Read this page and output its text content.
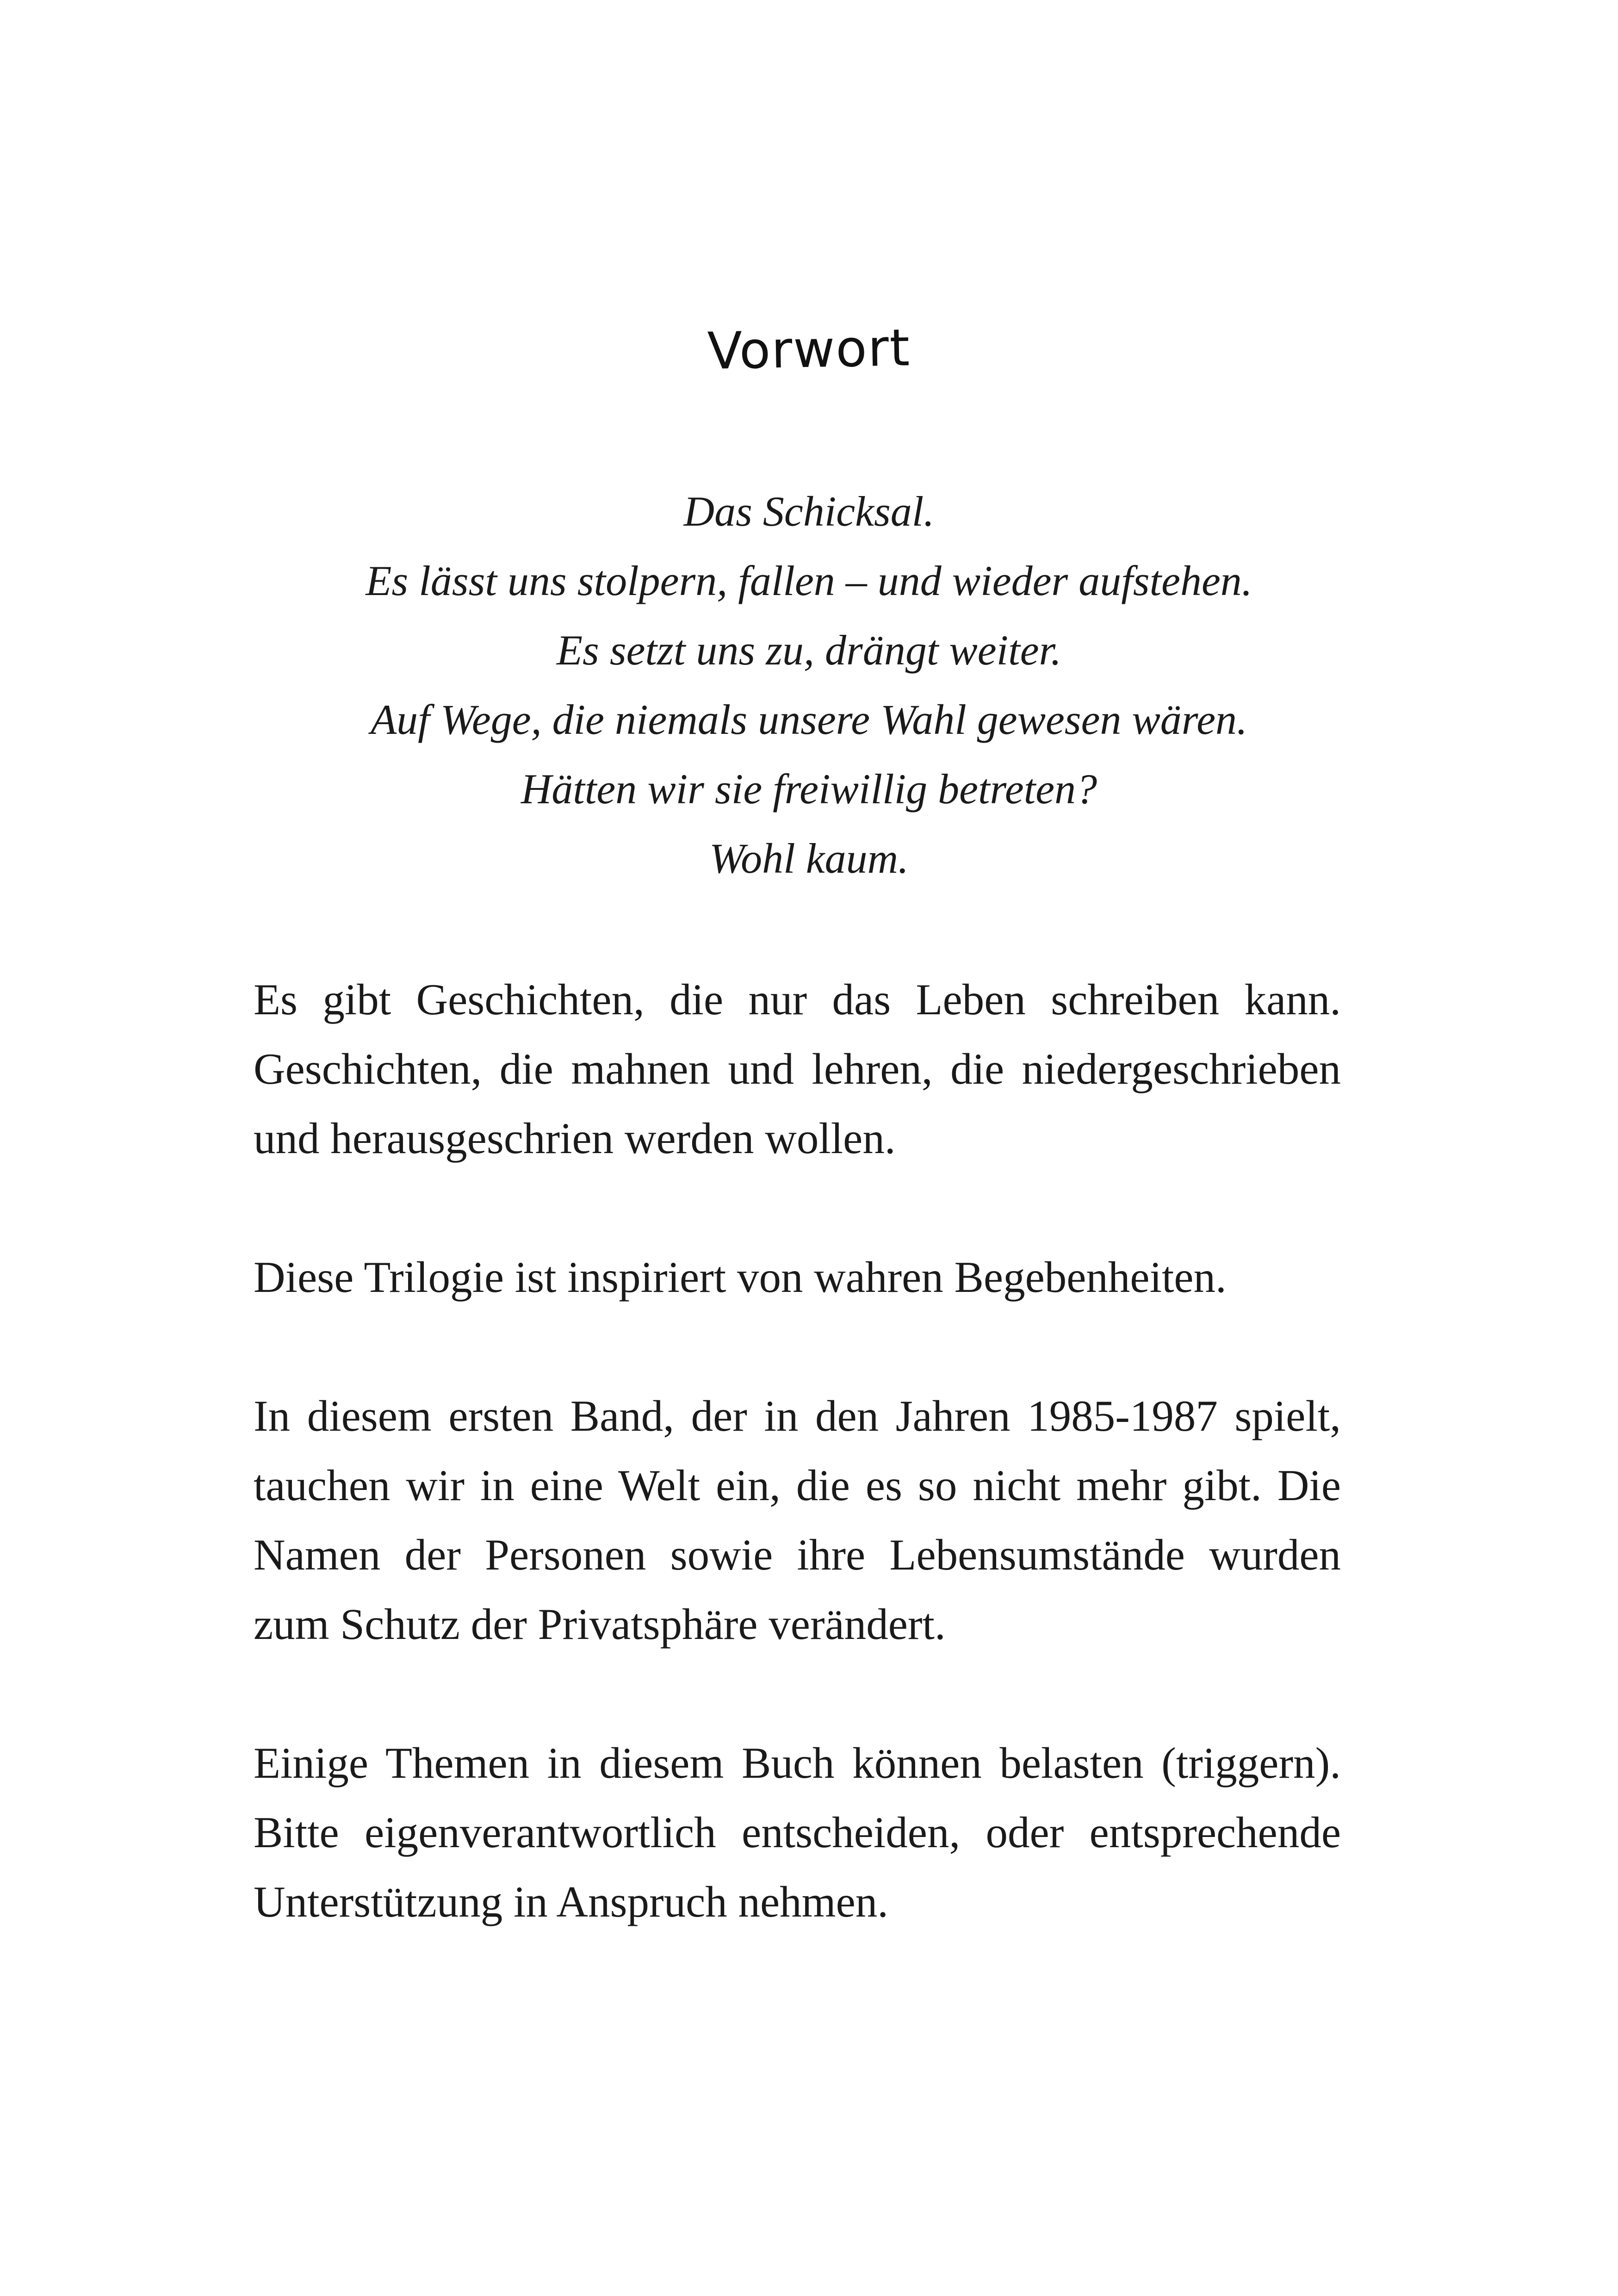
Vorwort
Das Schicksal.
Es lässt uns stolpern, fallen – und wieder aufstehen.
Es setzt uns zu, drängt weiter.
Auf Wege, die niemals unsere Wahl gewesen wären.
Hätten wir sie freiwillig betreten?
Wohl kaum.

Es gibt Geschichten, die nur das Leben schreiben kann. Geschichten, die mahnen und lehren, die niedergeschrieben und herausgeschrien werden wollen.

Diese Trilogie ist inspiriert von wahren Begebenheiten.

In diesem ersten Band, der in den Jahren 1985-1987 spielt, tauchen wir in eine Welt ein, die es so nicht mehr gibt. Die Namen der Personen sowie ihre Lebensumstände wurden zum Schutz der Privatsphäre verändert.

Einige Themen in diesem Buch können belasten (triggern). Bitte eigenverantwortlich entscheiden, oder entsprechende Unterstützung in Anspruch nehmen.
